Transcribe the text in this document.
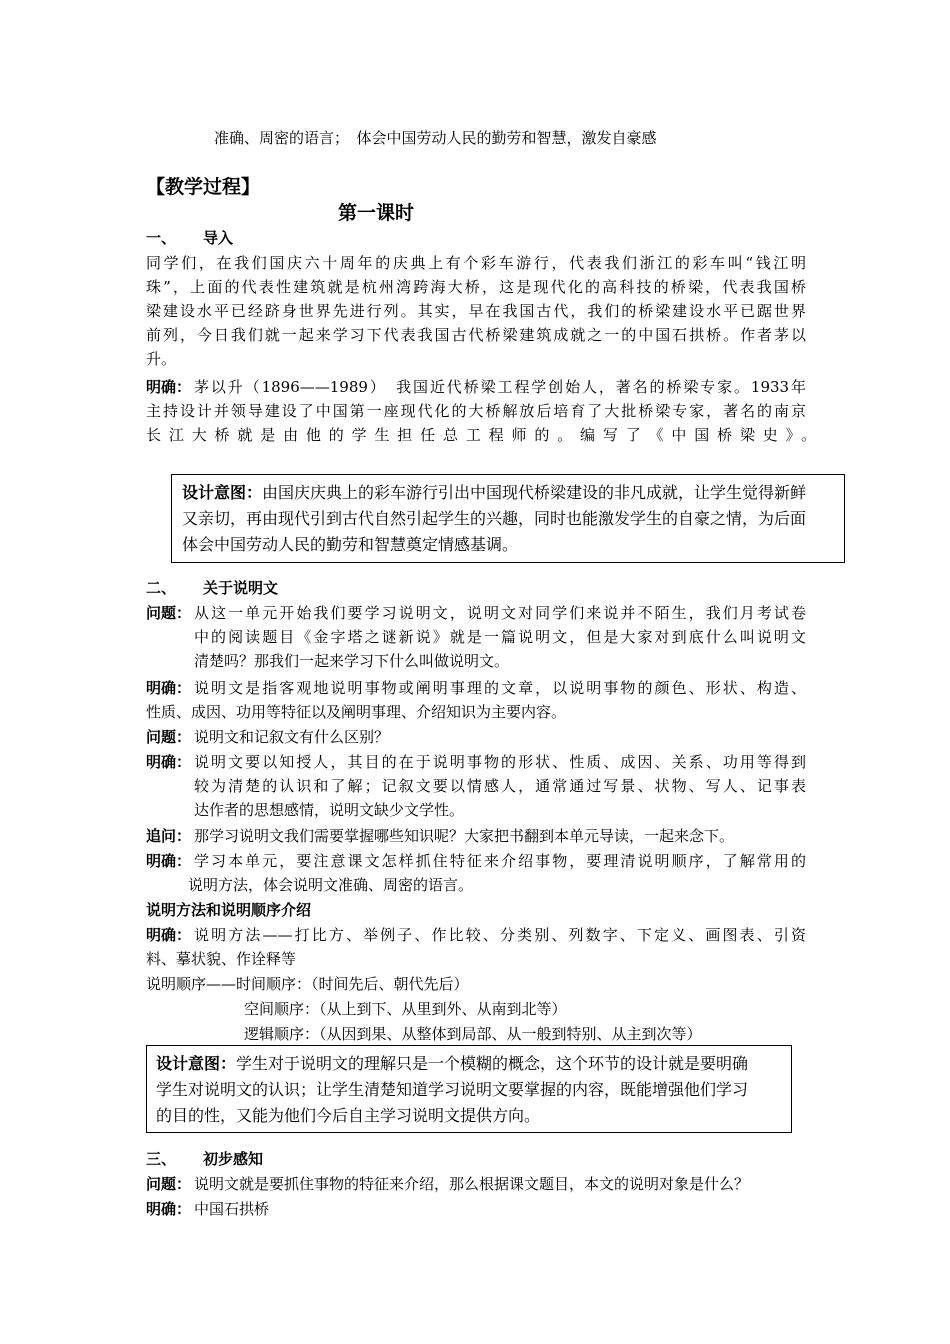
准确、周密的语言；　体会中国劳动人民的勤劳和智慧，激发自豪感
【教学过程】
第一课时
一、 导入
同学们，在我们国庆六十周年的庆典上有个彩车游行，代表我们浙江的彩车叫“钱江明
珠”，上面的代表性建筑就是杭州湾跨海大桥，这是现代化的高科技的桥梁，代表我国桥
梁建设水平已经跻身世界先进行列。其实，早在我国古代，我们的桥梁建设水平已踞世界
前列，今日我们就一起来学习下代表我国古代桥梁建筑成就之一的中国石拱桥。作者茅以
升。
明确： 茅以升（1896——1989）　我国近代桥梁工程学创始人，著名的桥梁专家。1933年
主持设计并领导建设了中国第一座现代化的大桥解放后培育了大批桥梁专家，著名的南京
长江大桥就是由他的学生担任总工程师的。编写了《中国桥梁史》。
设计意图：由国庆庆典上的彩车游行引出中国现代桥梁建设的非凡成就，让学生觉得新鲜
又亲切，再由现代引到古代自然引起学生的兴趣，同时也能激发学生的自豪之情，为后面
体会中国劳动人民的勤劳和智慧奠定情感基调。
二、 关于说明文
问题： 从这一单元开始我们要学习说明文，说明文对同学们来说并不陌生，我们月考试卷
中的阅读题目《金字塔之谜新说》就是一篇说明文，但是大家对到底什么叫说明文
清楚吗？那我们一起来学习下什么叫做说明文。
明确： 说明文是指客观地说明事物或阐明事理的文章，以说明事物的颜色、形状、构造、
性质、成因、功用等特征以及阐明事理、介绍知识为主要内容。
问题： 说明文和记叙文有什么区别？
明确： 说明文要以知授人，其目的在于说明事物的形状、性质、成因、关系、功用等得到
较为清楚的认识和了解；记叙文要以情感人，通常通过写景、状物、写人、记事表
达作者的思想感情，说明文缺少文学性。
追问： 那学习说明文我们需要掌握哪些知识呢？大家把书翻到本单元导读，一起来念下。
明确： 学习本单元，要注意课文怎样抓住特征来介绍事物，要理清说明顺序，了解常用的
说明方法，体会说明文准确、周密的语言。
说明方法和说明顺序介绍
明确： 说明方法——打比方、举例子、作比较、分类别、列数字、下定义、画图表、引资
料、摹状貌、作诠释等
说明顺序——时间顺序：（时间先后、朝代先后）
空间顺序：（从上到下、从里到外、从南到北等）
逻辑顺序：（从因到果、从整体到局部、从一般到特别、从主到次等）
设计意图：学生对于说明文的理解只是一个模糊的概念，这个环节的设计就是要明确
学生对说明文的认识；让学生清楚知道学习说明文要掌握的内容，既能增强他们学习
的目的性，又能为他们今后自主学习说明文提供方向。
三、 初步感知
问题： 说明文就是要抓住事物的特征来介绍，那么根据课文题目，本文的说明对象是什么？
明确： 中国石拱桥
